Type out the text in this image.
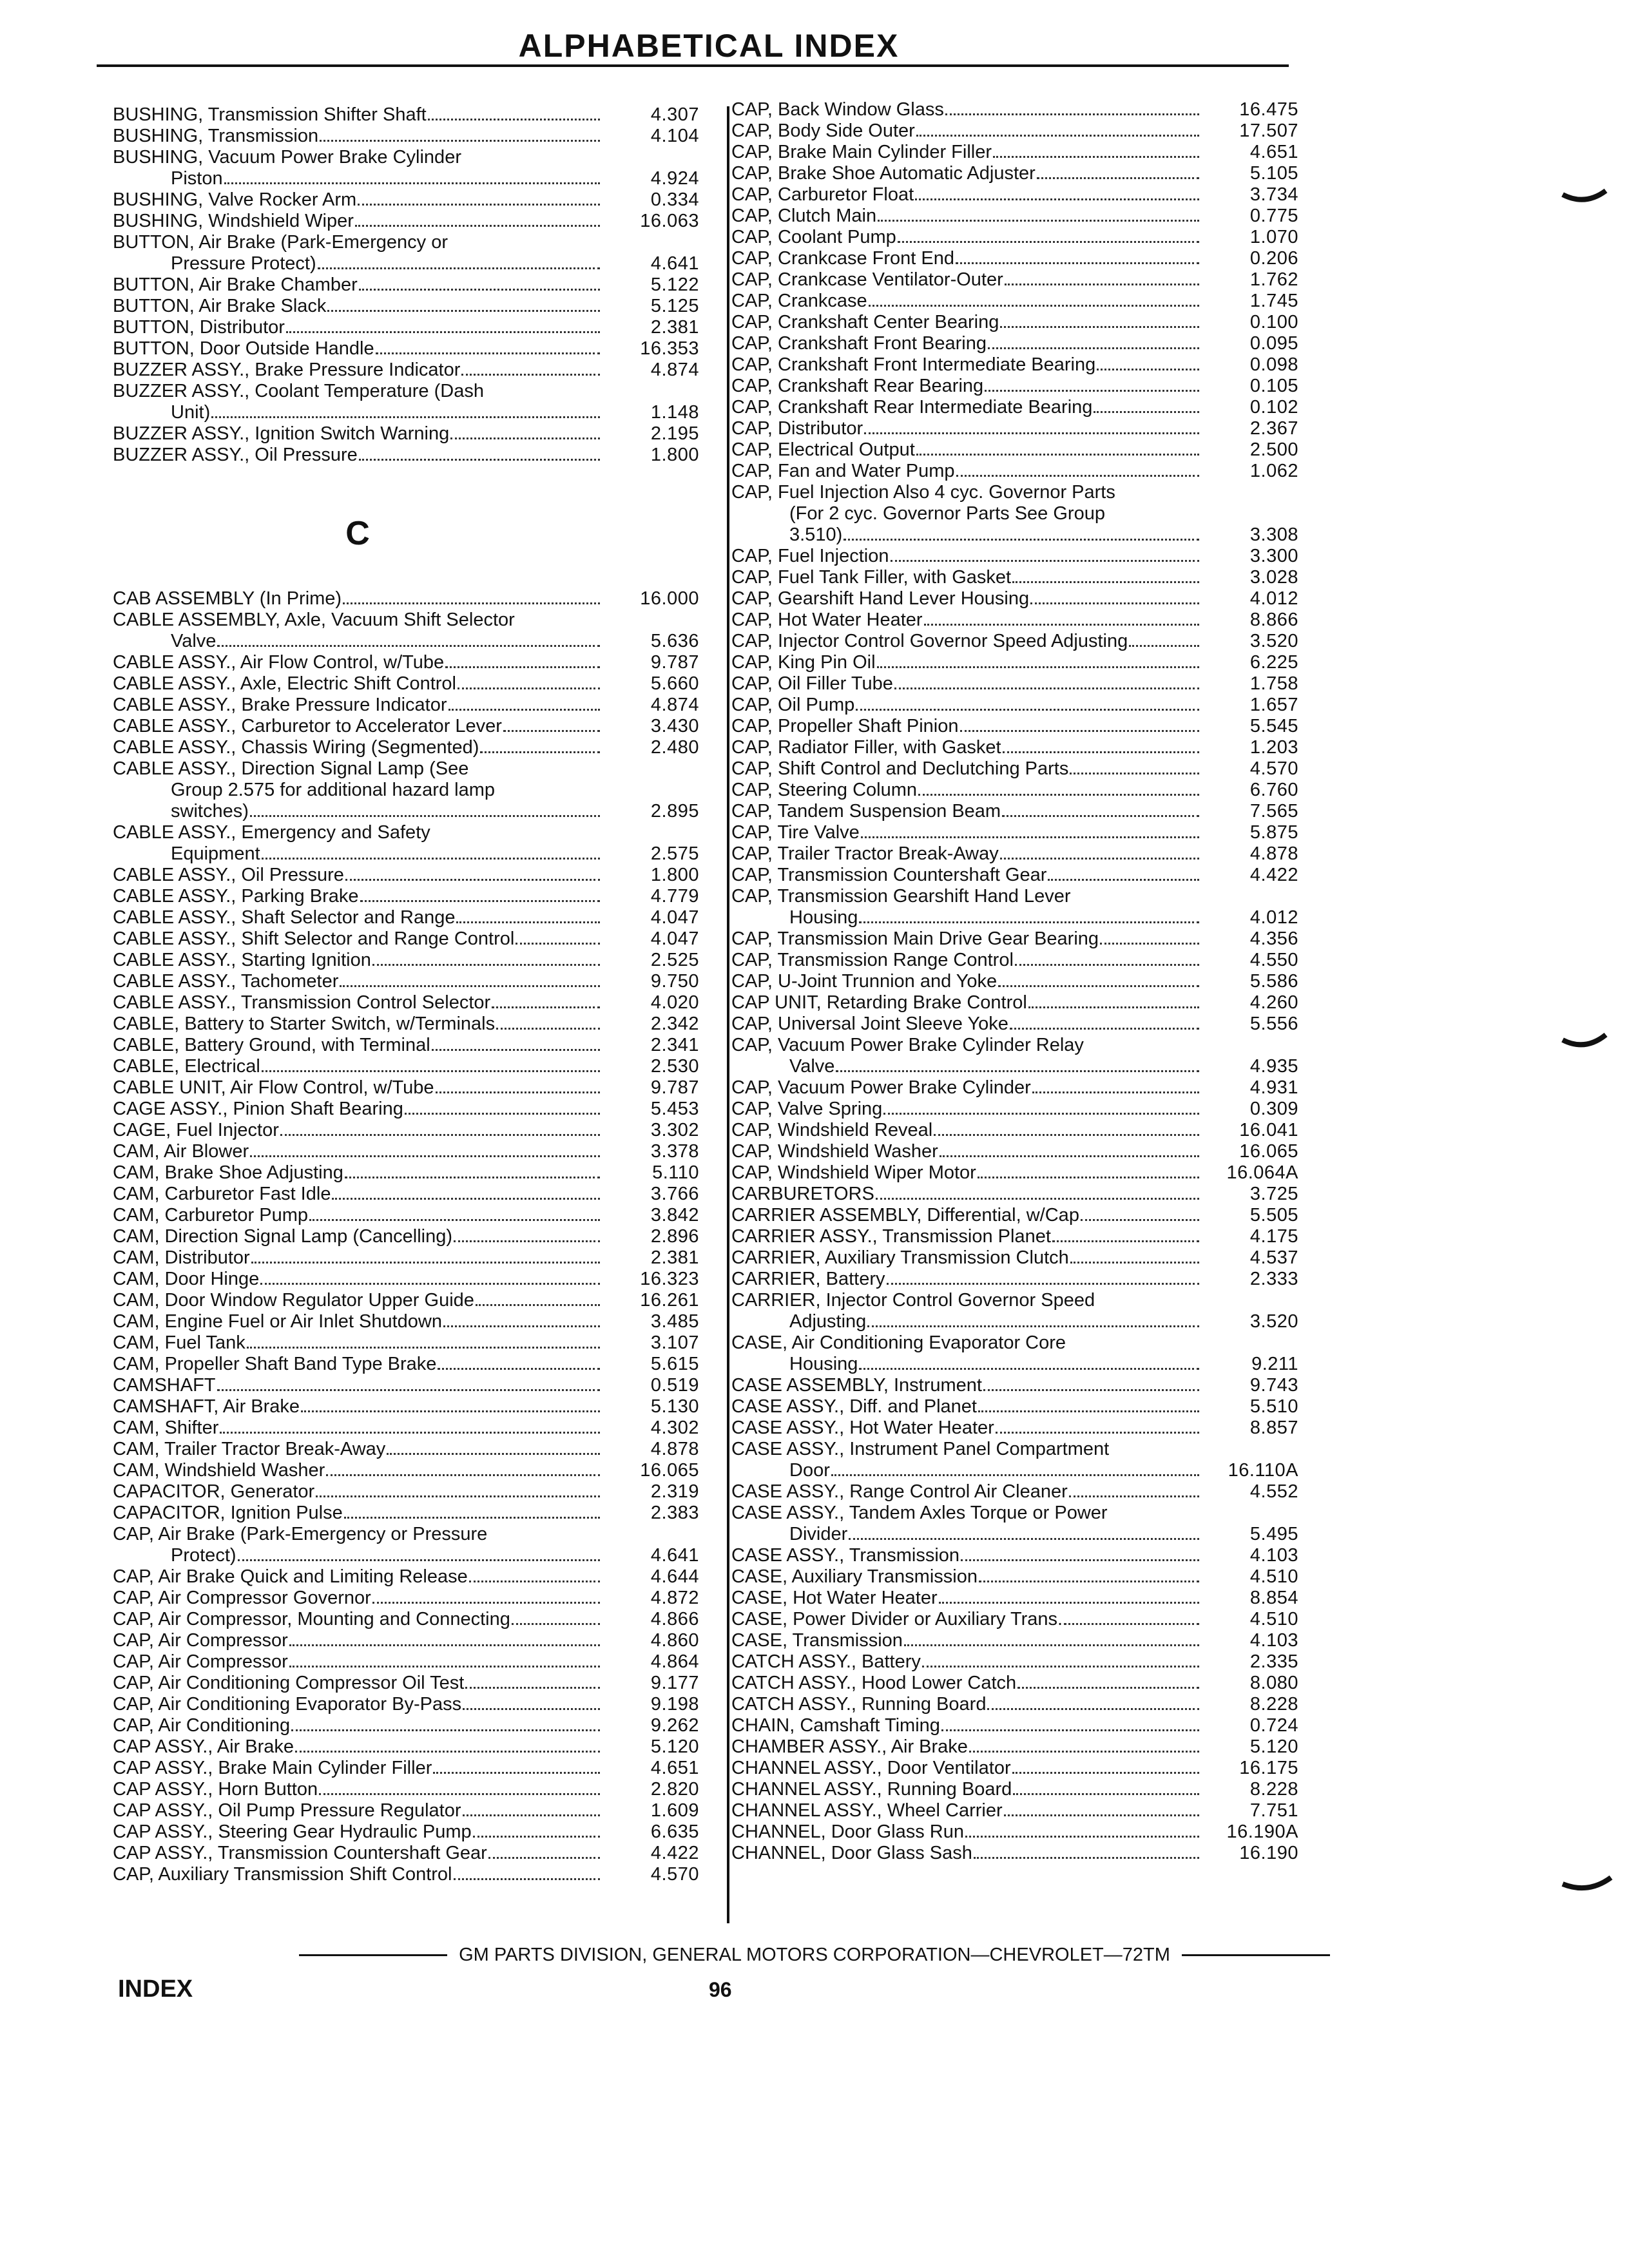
ALPHABETICAL INDEX
BUSHING, Transmission Shifter Shaft	4.307
BUSHING, Transmission	4.104
BUSHING, Vacuum Power Brake Cylinder
Piston	4.924
BUSHING, Valve Rocker Arm	0.334
BUSHING, Windshield Wiper	16.063
BUTTON, Air Brake (Park-Emergency or
Pressure Protect)	4.641
BUTTON, Air Brake Chamber	5.122
BUTTON, Air Brake Slack	5.125
BUTTON, Distributor	2.381
BUTTON, Door Outside Handle	16.353
BUZZER ASSY., Brake Pressure Indicator	4.874
BUZZER ASSY., Coolant Temperature (Dash
Unit)	1.148
BUZZER ASSY., Ignition Switch Warning	2.195
BUZZER ASSY., Oil Pressure	1.800
C
CAB ASSEMBLY (In Prime)	16.000
CABLE ASSEMBLY, Axle, Vacuum Shift Selector
Valve	5.636
CABLE ASSY., Air Flow Control, w/Tube	9.787
CABLE ASSY., Axle, Electric Shift Control	5.660
CABLE ASSY., Brake Pressure Indicator	4.874
CABLE ASSY., Carburetor to Accelerator Lever	3.430
CABLE ASSY., Chassis Wiring (Segmented)	2.480
CABLE ASSY., Direction Signal Lamp (See
Group 2.575 for additional hazard lamp
switches)	2.895
CABLE ASSY., Emergency and Safety
Equipment	2.575
CABLE ASSY., Oil Pressure	1.800
CABLE ASSY., Parking Brake	4.779
CABLE ASSY., Shaft Selector and Range	4.047
CABLE ASSY., Shift Selector and Range Control	4.047
CABLE ASSY., Starting Ignition	2.525
CABLE ASSY., Tachometer	9.750
CABLE ASSY., Transmission Control Selector	4.020
CABLE, Battery to Starter Switch, w/Terminals	2.342
CABLE, Battery Ground, with Terminal	2.341
CABLE, Electrical	2.530
CABLE UNIT, Air Flow Control, w/Tube	9.787
CAGE ASSY., Pinion Shaft Bearing	5.453
CAGE, Fuel Injector	3.302
CAM, Air Blower	3.378
CAM, Brake Shoe Adjusting	5.110
CAM, Carburetor Fast Idle	3.766
CAM, Carburetor Pump	3.842
CAM, Direction Signal Lamp (Cancelling)	2.896
CAM, Distributor	2.381
CAM, Door Hinge	16.323
CAM, Door Window Regulator Upper Guide	16.261
CAM, Engine Fuel or Air Inlet Shutdown	3.485
CAM, Fuel Tank	3.107
CAM, Propeller Shaft Band Type Brake	5.615
CAMSHAFT	0.519
CAMSHAFT, Air Brake	5.130
CAM, Shifter	4.302
CAM, Trailer Tractor Break-Away	4.878
CAM, Windshield Washer	16.065
CAPACITOR, Generator	2.319
CAPACITOR, Ignition Pulse	2.383
CAP, Air Brake (Park-Emergency or Pressure
Protect)	4.641
CAP, Air Brake Quick and Limiting Release	4.644
CAP, Air Compressor Governor	4.872
CAP, Air Compressor, Mounting and Connecting	4.866
CAP, Air Compressor	4.860
CAP, Air Compressor	4.864
CAP, Air Conditioning Compressor Oil Test	9.177
CAP, Air Conditioning Evaporator By-Pass	9.198
CAP, Air Conditioning	9.262
CAP ASSY., Air Brake	5.120
CAP ASSY., Brake Main Cylinder Filler	4.651
CAP ASSY., Horn Button	2.820
CAP ASSY., Oil Pump Pressure Regulator	1.609
CAP ASSY., Steering Gear Hydraulic Pump	6.635
CAP ASSY., Transmission Countershaft Gear	4.422
CAP, Auxiliary Transmission Shift Control	4.570
CAP, Back Window Glass	16.475
CAP, Body Side Outer	17.507
CAP, Brake Main Cylinder Filler	4.651
CAP, Brake Shoe Automatic Adjuster	5.105
CAP, Carburetor Float	3.734
CAP, Clutch Main	0.775
CAP, Coolant Pump	1.070
CAP, Crankcase Front End	0.206
CAP, Crankcase Ventilator-Outer	1.762
CAP, Crankcase	1.745
CAP, Crankshaft Center Bearing	0.100
CAP, Crankshaft Front Bearing	0.095
CAP, Crankshaft Front Intermediate Bearing	0.098
CAP, Crankshaft Rear Bearing	0.105
CAP, Crankshaft Rear Intermediate Bearing	0.102
CAP, Distributor	2.367
CAP, Electrical Output	2.500
CAP, Fan and Water Pump	1.062
CAP, Fuel Injection Also 4 cyc. Governor Parts
(For 2 cyc. Governor Parts See Group
3.510)	3.308
CAP, Fuel Injection	3.300
CAP, Fuel Tank Filler, with Gasket	3.028
CAP, Gearshift Hand Lever Housing	4.012
CAP, Hot Water Heater	8.866
CAP, Injector Control Governor Speed Adjusting	3.520
CAP, King Pin Oil	6.225
CAP, Oil Filler Tube	1.758
CAP, Oil Pump	1.657
CAP, Propeller Shaft Pinion	5.545
CAP, Radiator Filler, with Gasket	1.203
CAP, Shift Control and Declutching Parts	4.570
CAP, Steering Column	6.760
CAP, Tandem Suspension Beam	7.565
CAP, Tire Valve	5.875
CAP, Trailer Tractor Break-Away	4.878
CAP, Transmission Countershaft Gear	4.422
CAP, Transmission Gearshift Hand Lever
Housing	4.012
CAP, Transmission Main Drive Gear Bearing	4.356
CAP, Transmission Range Control	4.550
CAP, U-Joint Trunnion and Yoke	5.586
CAP UNIT, Retarding Brake Control	4.260
CAP, Universal Joint Sleeve Yoke	5.556
CAP, Vacuum Power Brake Cylinder Relay
Valve	4.935
CAP, Vacuum Power Brake Cylinder	4.931
CAP, Valve Spring	0.309
CAP, Windshield Reveal	16.041
CAP, Windshield Washer	16.065
CAP, Windshield Wiper Motor	16.064A
CARBURETORS	3.725
CARRIER ASSEMBLY, Differential, w/Cap	5.505
CARRIER ASSY., Transmission Planet	4.175
CARRIER, Auxiliary Transmission Clutch	4.537
CARRIER, Battery	2.333
CARRIER, Injector Control Governor Speed
Adjusting	3.520
CASE, Air Conditioning Evaporator Core
Housing	9.211
CASE ASSEMBLY, Instrument	9.743
CASE ASSY., Diff. and Planet	5.510
CASE ASSY., Hot Water Heater	8.857
CASE ASSY., Instrument Panel Compartment
Door	16.110A
CASE ASSY., Range Control Air Cleaner	4.552
CASE ASSY., Tandem Axles Torque or Power
Divider	5.495
CASE ASSY., Transmission	4.103
CASE, Auxiliary Transmission	4.510
CASE, Hot Water Heater	8.854
CASE, Power Divider or Auxiliary Trans.	4.510
CASE, Transmission	4.103
CATCH ASSY., Battery	2.335
CATCH ASSY., Hood Lower Catch	8.080
CATCH ASSY., Running Board	8.228
CHAIN, Camshaft Timing	0.724
CHAMBER ASSY., Air Brake	5.120
CHANNEL ASSY., Door Ventilator	16.175
CHANNEL ASSY., Running Board	8.228
CHANNEL ASSY., Wheel Carrier	7.751
CHANNEL, Door Glass Run	16.190A
CHANNEL, Door Glass Sash	16.190
GM PARTS DIVISION, GENERAL MOTORS CORPORATION—CHEVROLET—72TM
INDEX	96
